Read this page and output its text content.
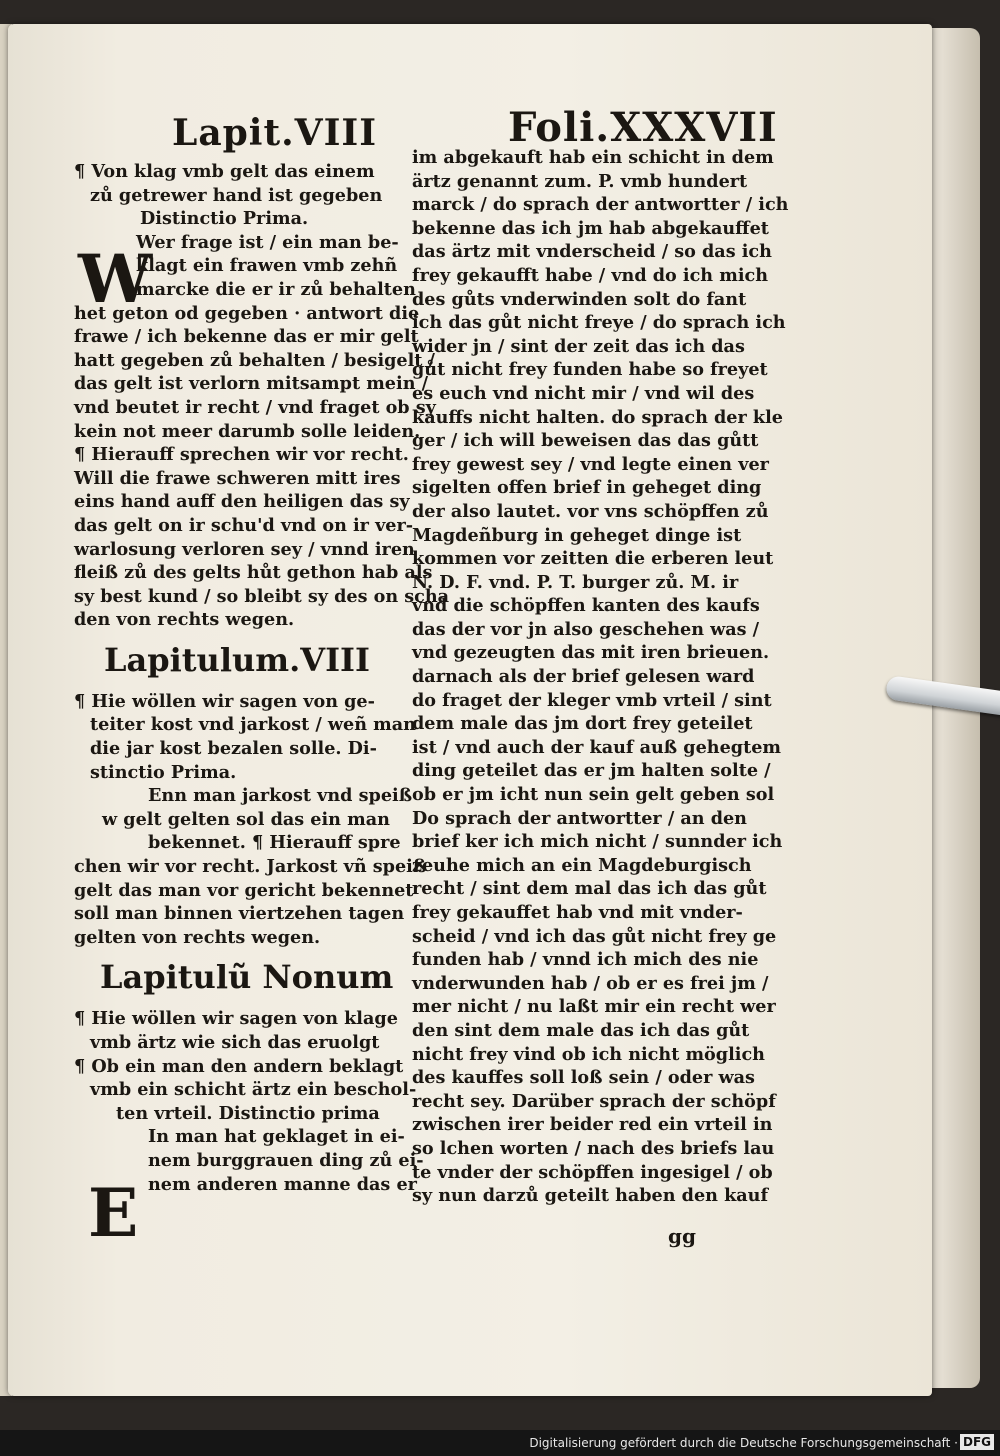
Lapit.VIII	Foli.XXXVII
W
E
¶ Von klag vmb gelt das einem
zů getrewer hand ist gegeben
Distinctio Prima.
Wer frage ist / ein man be-
klagt ein frawen vmb zehñ
marcke die er ir zů behalten
het geton od gegeben · antwort die
frawe / ich bekenne das er mir gelt
hatt gegeben zů behalten / besigelt /
das gelt ist verlorn mitsampt mein /
vnd beutet ir recht / vnd fraget ob sy
kein not meer darumb solle leiden.
¶ Hierauff sprechen wir vor recht.
Will die frawe schweren mitt ires
eins hand auff den heiligen das sy
das gelt on ir schu'd vnd on ir ver-
warlosung verloren sey / vnnd iren
fleiß zů des gelts hůt gethon hab als
sy best kund / so bleibt sy des on scha
den von rechts wegen.
Lapitulum.VIII
¶ Hie wöllen wir sagen von ge-
teiter kost vnd jarkost / weñ man
die jar kost bezalen solle. Di-
stinctio Prima.
Enn man jarkost vnd speiß
w gelt gelten sol das ein man
bekennet. ¶ Hierauff spre
chen wir vor recht. Jarkost vñ speiß
gelt das man vor gericht bekennet
soll man binnen viertzehen tagen
gelten von rechts wegen.
Lapitulũ Nonum
¶ Hie wöllen wir sagen von klage
vmb ärtz wie sich das eruolgt
¶ Ob ein man den andern beklagt
vmb ein schicht ärtz ein beschol-
ten vrteil. Distinctio prima
In man hat geklaget in ei-
nem burggrauen ding zů ei-
nem anderen manne das er
im abgekauft hab ein schicht in dem
ärtz genannt zum. P. vmb hundert
marck / do sprach der antwortter / ich
bekenne das ich jm hab abgekauffet
das ärtz mit vnderscheid / so das ich
frey gekaufft habe / vnd do ich mich
des gůts vnderwinden solt do fant
ich das gůt nicht freye / do sprach ich
wider jn / sint der zeit das ich das
gůt nicht frey funden habe so freyet
es euch vnd nicht mir / vnd wil des
kauffs nicht halten. do sprach der kle
ger / ich will beweisen das das gůtt
frey gewest sey / vnd legte einen ver
sigelten offen brief in geheget ding
der also lautet. vor vns schöpffen zů
Magdeñburg in geheget dinge ist
kommen vor zeitten die erberen leut
N. D. F. vnd. P. T. burger zů. M. ir
vnd die schöpffen kanten des kaufs
das der vor jn also geschehen was /
vnd gezeugten das mit iren brieuen.
darnach als der brief gelesen ward
do fraget der kleger vmb vrteil / sint
dem male das jm dort frey geteilet
ist / vnd auch der kauf auß gehegtem
ding geteilet das er jm halten solte /
ob er jm icht nun sein gelt geben sol
Do sprach der antwortter / an den
brief ker ich mich nicht / sunnder ich
zeuhe mich an ein Magdeburgisch
recht / sint dem mal das ich das gůt
frey gekauffet hab vnd mit vnder-
scheid / vnd ich das gůt nicht frey ge
funden hab / vnnd ich mich des nie
vnderwunden hab / ob er es frei jm /
mer nicht / nu laßt mir ein recht wer
den sint dem male das ich das gůt
nicht frey vind ob ich nicht möglich
des kauffes soll loß sein / oder was
recht sey. Darüber sprach der schöpf
zwischen irer beider red ein vrteil in
so lchen worten / nach des briefs lau
te vnder der schöpffen ingesigel / ob
sy nun darzů geteilt haben den kauf
gg
Digitalisierung gefördert durch die Deutsche Forschungsgemeinschaft · DFG
